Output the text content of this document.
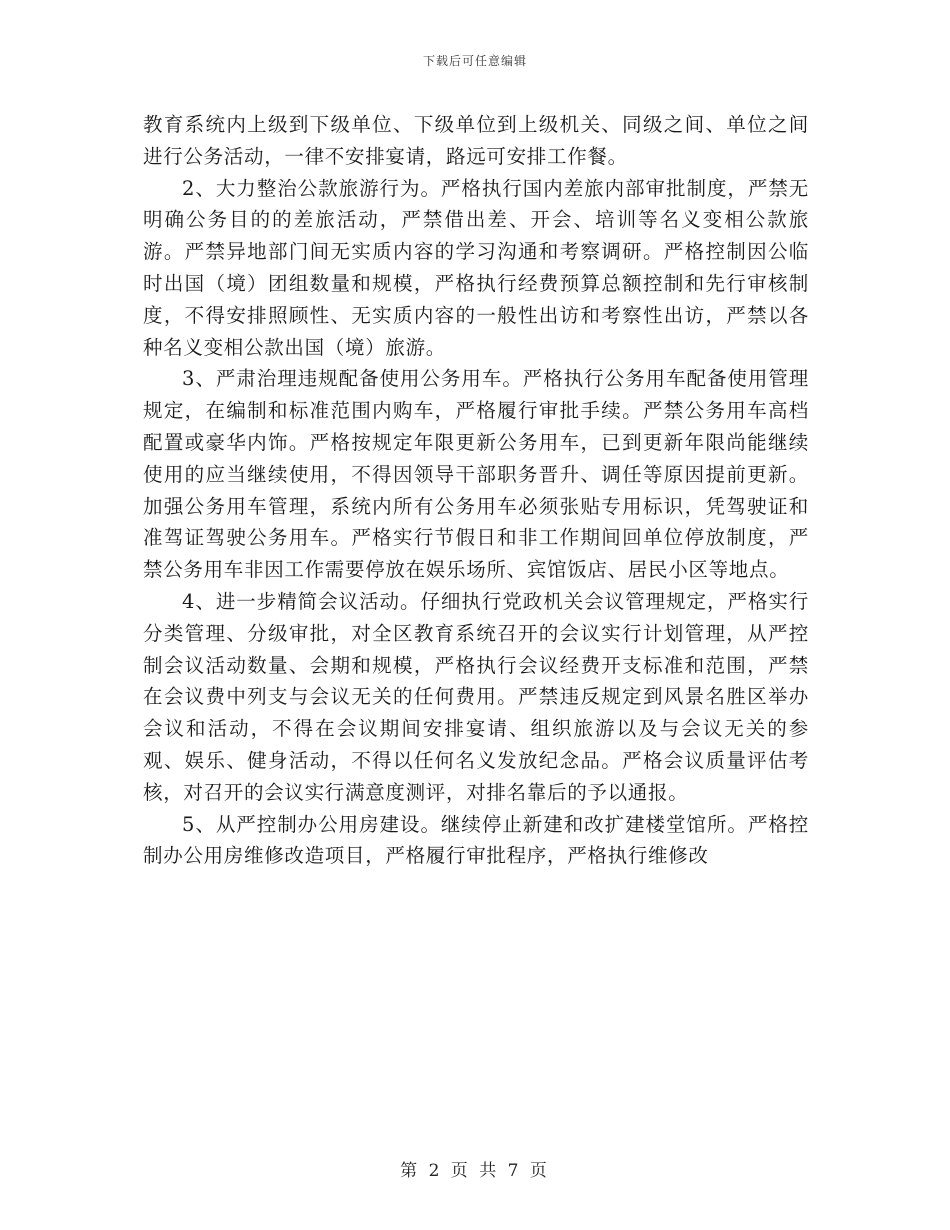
下载后可任意编辑

教育系统内上级到下级单位、下级单位到上级机关、同级之间、单位之间进行公务活动，一律不安排宴请，路远可安排工作餐。

2、大力整治公款旅游行为。严格执行国内差旅内部审批制度，严禁无明确公务目的的差旅活动，严禁借出差、开会、培训等名义变相公款旅游。严禁异地部门间无实质内容的学习沟通和考察调研。严格控制因公临时出国（境）团组数量和规模，严格执行经费预算总额控制和先行审核制度，不得安排照顾性、无实质内容的一般性出访和考察性出访，严禁以各种名义变相公款出国（境）旅游。

3、严肃治理违规配备使用公务用车。严格执行公务用车配备使用管理规定，在编制和标准范围内购车，严格履行审批手续。严禁公务用车高档配置或豪华内饰。严格按规定年限更新公务用车，已到更新年限尚能继续使用的应当继续使用，不得因领导干部职务晋升、调任等原因提前更新。加强公务用车管理，系统内所有公务用车必须张贴专用标识，凭驾驶证和准驾证驾驶公务用车。严格实行节假日和非工作期间回单位停放制度，严禁公务用车非因工作需要停放在娱乐场所、宾馆饭店、居民小区等地点。

4、进一步精简会议活动。仔细执行党政机关会议管理规定，严格实行分类管理、分级审批，对全区教育系统召开的会议实行计划管理，从严控制会议活动数量、会期和规模，严格执行会议经费开支标准和范围，严禁在会议费中列支与会议无关的任何费用。严禁违反规定到风景名胜区举办会议和活动，不得在会议期间安排宴请、组织旅游以及与会议无关的参观、娱乐、健身活动，不得以任何名义发放纪念品。严格会议质量评估考核，对召开的会议实行满意度测评，对排名靠后的予以通报。

5、从严控制办公用房建设。继续停止新建和改扩建楼堂馆所。严格控制办公用房维修改造项目，严格履行审批程序，严格执行维修改

第 2 页 共 7 页
